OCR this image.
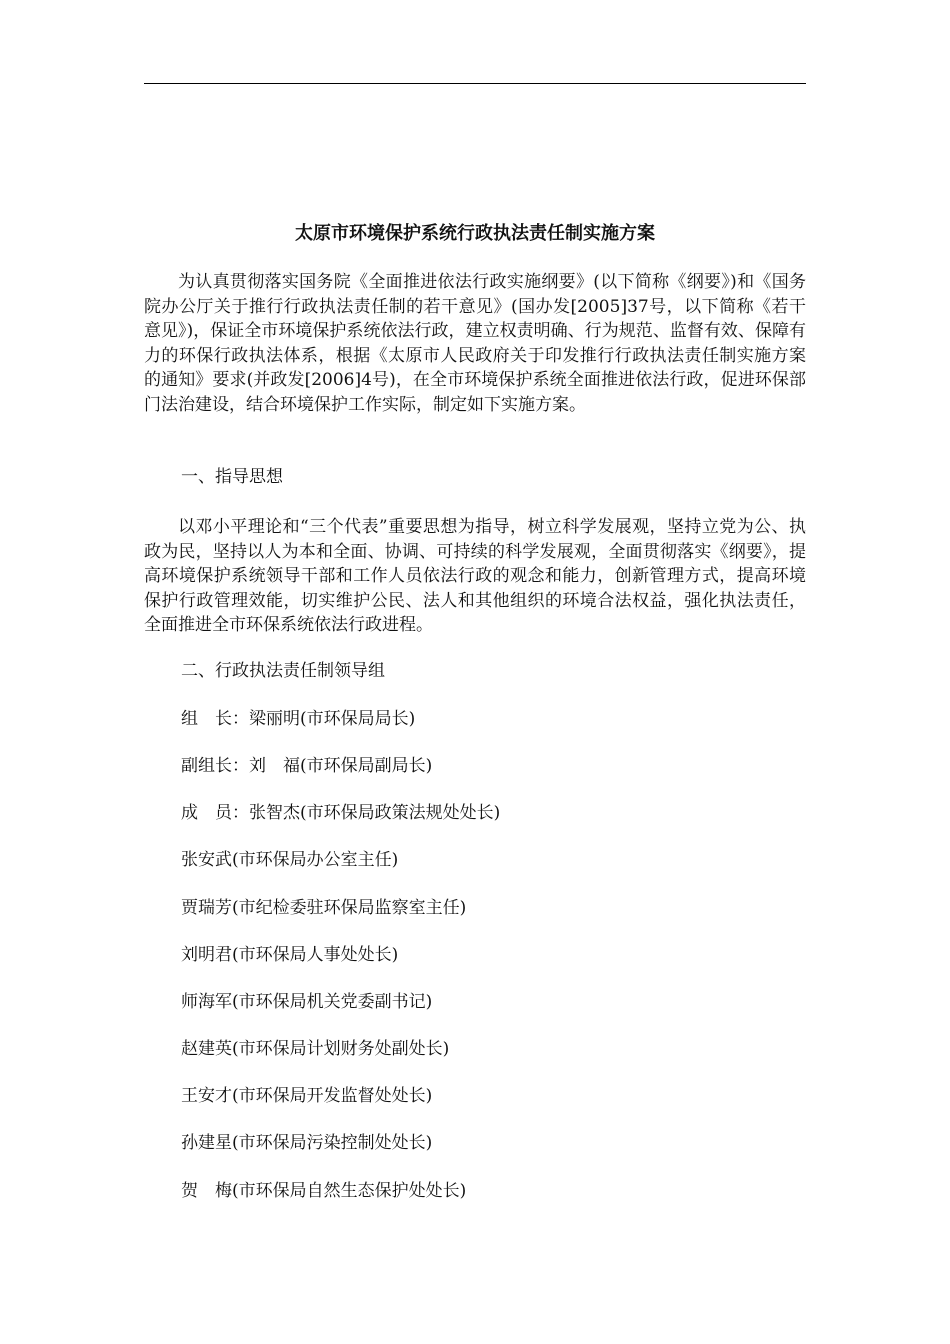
太原市环境保护系统行政执法责任制实施方案

为认真贯彻落实国务院《全面推进依法行政实施纲要》(以下简称《纲要》)和《国务院办公厅关于推行行政执法责任制的若干意见》(国办发[2005]37号，以下简称《若干意见》)，保证全市环境保护系统依法行政，建立权责明确、行为规范、监督有效、保障有力的环保行政执法体系，根据《太原市人民政府关于印发推行行政执法责任制实施方案的通知》要求(并政发[2006]4号)，在全市环境保护系统全面推进依法行政，促进环保部门法治建设，结合环境保护工作实际，制定如下实施方案。

一、指导思想

以邓小平理论和“三个代表”重要思想为指导，树立科学发展观，坚持立党为公、执政为民，坚持以人为本和全面、协调、可持续的科学发展观，全面贯彻落实《纲要》，提高环境保护系统领导干部和工作人员依法行政的观念和能力，创新管理方式，提高环境保护行政管理效能，切实维护公民、法人和其他组织的环境合法权益，强化执法责任，全面推进全市环保系统依法行政进程。

二、行政执法责任制领导组

组　长：梁丽明(市环保局局长)

副组长：刘　福(市环保局副局长)

成　员：张智杰(市环保局政策法规处处长)

张安武(市环保局办公室主任)

贾瑞芳(市纪检委驻环保局监察室主任)

刘明君(市环保局人事处处长)

师海军(市环保局机关党委副书记)

赵建英(市环保局计划财务处副处长)

王安才(市环保局开发监督处处长)

孙建星(市环保局污染控制处处长)

贺　梅(市环保局自然生态保护处处长)
